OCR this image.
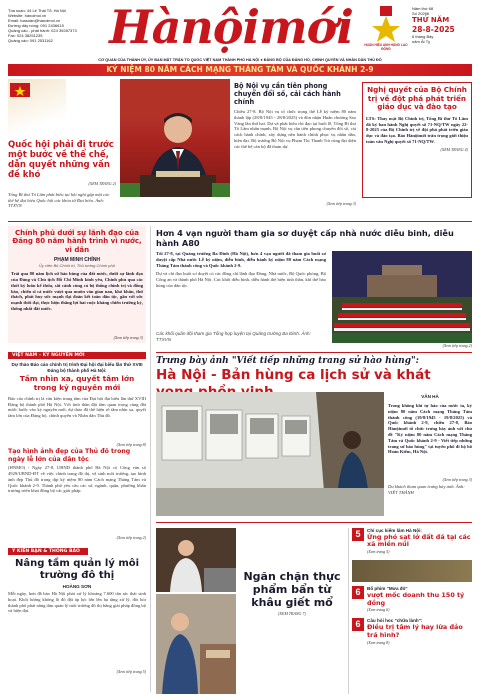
Tòa soạn: 44 Lê Thái Tổ, Hà Nội
Website: hanoimoi.vn
Email: toasoan@hanoimoi.vn
Đường dây nóng: 091 2436615
Quảng cáo - phát hành: 024 39287373
Fax: 024 38251235
Quảng cáo: 091 2531162	Hànộimới	HUÂN HIỆU ANH HÙNG LAO ĐỘNG
Năm thứ 68
Số 20296
THỨ NĂM
28-8-2025
6 tháng Bảy
năm Ất Tỵ
CƠ QUAN CỦA THÀNH ỦY, ỦY BAN MẶT TRẬN TỔ QUỐC VIỆT NAM THÀNH PHỐ HÀ NỘI ● ĐẢNG BỘ CỦA ĐẢNG HỒ, CHÍNH QUYỀN VÀ NHÂN DÂN THỦ ĐÔ
KỶ NIỆM 80 NĂM CÁCH MẠNG THÁNG TÁM VÀ QUỐC KHÁNH 2-9
Quốc hội phải đi trước một bước về thể chế, dẫn quyết những vấn đề khó
(XEM TRANG 2)
Tổng Bí thư Tô Lâm phát biểu tại hội nghị gặp mặt các thế hệ đại biểu Quốc hội các khóa từ Đại biểu. Ảnh: TTXVN
Bộ Nội vụ cần tiên phong chuyển đổi số, cải cách hành chính
Chiều 27-8, Bộ Nội vụ tổ chức trọng thể Lễ kỷ niệm 80 năm thành lập (28/8/1945 - 28/8/2025) và đón nhận Huân chương Sao Vàng lần thứ hai. Dự và phát biểu chỉ đạo tại buổi lễ, Tổng Bí thư Tô Lâm nhấn mạnh, Bộ Nội vụ cần tiên phong chuyển đổi số, cải cách hành chính, xây dựng nền hành chính phục vụ nhân dân, hiện đại. Bộ trưởng Bộ Nội vụ Phạm Thị Thanh Trà cùng đại diện các thế hệ cán bộ đã tham dự.
(Xem tiếp trang 3)
Nghị quyết của Bộ Chính trị về đột phá phát triển giáo dục và đào tạo
LTS: Thay mặt Bộ Chính trị, Tổng Bí thư Tô Lâm đã ký ban hành Nghị quyết số 71-NQ/TW ngày 22-8-2025 của Bộ Chính trị về đột phá phát triển giáo dục và đào tạo. Báo Hànộimới trân trọng giới thiệu toàn văn Nghị quyết số 71-NQ/TW.
(XEM TRANG 4)
Chính phủ dưới sự lãnh đạo của Đảng 80 năm hành trình vì nước, vì dân
PHẠM MINH CHÍNH
Ủy viên Bộ Chính trị, Thủ tướng Chính phủ
Trải qua 80 năm lịch sử hào hùng của đất nước, dưới sự lãnh đạo của Đảng và Chủ tịch Hồ Chí Minh kính yêu, Chính phủ qua các thời kỳ luôn kế thừa, sắt cánh cùng cả hệ thống chính trị và đồng bào, chiến sĩ cả nước vượt qua muôn vàn gian nan, khó khăn, thử thách, phát huy sức mạnh đại đoàn kết toàn dân tộc, gắn với sức mạnh thời đại, thực hiện thắng lợi hai cuộc kháng chiến trường kỳ, thống nhất đất nước.
(Xem tiếp trang 3)
VIỆT NAM – KỶ NGUYÊN MỚI
Dự thảo Báo cáo chính trị trình Đại hội đại biểu lần thứ XVIII Đảng bộ thành phố Hà Nội:
Tầm nhìn xa, quyết tâm lớn trong kỷ nguyên mới
Báo cáo chính trị là văn kiện trung tâm của Đại hội đại biểu lần thứ XVIII Đảng bộ thành phố Hà Nội. Với tinh thần đặt tầm quan trọng cùng đất nước bước vào kỷ nguyên mới, dự thảo đã thể hiện rõ tầm nhìn xa, quyết tâm lớn của Đảng bộ, chính quyền và Nhân dân Thủ đô.
(Xem tiếp trang 8)
Tạo hình ảnh đẹp của Thủ đô trong ngày lễ lớn của dân tộc
(HNMO) - Ngày 27-8, UBND thành phố Hà Nội có Công văn số 4929/UBND-ĐT về việc chỉnh trang đô thị, vệ sinh môi trường, tạo hình ảnh đẹp Thủ đô trong dịp kỷ niệm 80 năm Cách mạng Tháng Tám và Quốc khánh 2-9. Thành phố yêu cầu các sở, ngành, quận, phường khẩn trương triển khai đồng bộ các giải pháp.
(Xem tiếp trang 2)
Ý KIẾN BẠN & THÔNG BÁO
Nâng tầm quản lý môi trường đô thị
HOÀNG SƠN
Mỗi ngày, hơn đã bảo Hà Nội phải xử lý khoảng 7.600 tấn rác thải sinh hoạt. Khối lượng không lồ đó đặt áp lực lớn lên hạ tầng xử lý, đòi hỏi thành phố phải nâng tầm quản lý môi trường đô thị bằng giải pháp đồng bộ và hiện đại.
(Xem tiếp trang 5)
Hơn 4 vạn người tham gia sơ duyệt cấp nhà nước diễu binh, diễu hành A80
Tối 27-8, tại Quảng trường Ba Đình (Hà Nội), hơn 4 vạn người đã tham gia buổi sơ duyệt cấp Nhà nước Lễ kỷ niệm, diễu binh, diễu hành kỷ niệm 80 năm Cách mạng Tháng Tám thành công và Quốc khánh 2-9.
Dự và chỉ đạo buổi sơ duyệt có các đồng chí lãnh đạo Đảng, Nhà nước, Bộ Quốc phòng, Bộ Công an và thành phố Hà Nội. Các khối diễu binh, diễu hành thể hiện tinh thần, khí thế hào hùng của dân tộc.
Các khối quân đội tham gia Tổng hợp luyện tại Quảng trường Ba Đình. Ảnh: TTXVN
(Xem tiếp trang 2)
Trưng bày ảnh "Viết tiếp những trang sử hào hùng":
Hà Nội - Bản hùng ca lịch sử và khát
Du khách tham quan trưng bày ảnh. Ảnh: VIẾT THÀNH
VÂN HÀ
Trong không khí tự hào của nước ta, kỷ niệm 80 năm Cách mạng Tháng Tám thành công (19/8/1945 - 19/8/2025) và Quốc khánh 2-9, chiều 27-8, Báo Hànộimới tổ chức trưng bày ảnh với chủ đề "Kỷ niệm 80 năm Cách mạng Tháng Tám và Quốc khánh 2-9 - Viết tiếp những trang sử hào hùng" tại tuyến phố đi bộ hồ Hoàn Kiếm, Hà Nội.
(Xem tiếp trang 3)
Ngăn chặn thực phẩm bẩn từ khâu giết mổ
(XEM TRANG 7)
5	Chỉ cục kiểm lâm Hà Nội:
Ứng phó sạt lở đất đá tại các xã miền núi
(Xem trang 5)
6	Bổ phim "Mưa đỏ"
vượt mốc doanh thu 150 tỷ đồng
(Xem trang 6)
6	Câu hỏi hoc "chữa lành":
Điều trị tâm lý hay lừa đảo trá hình?
(Xem trang 8)
